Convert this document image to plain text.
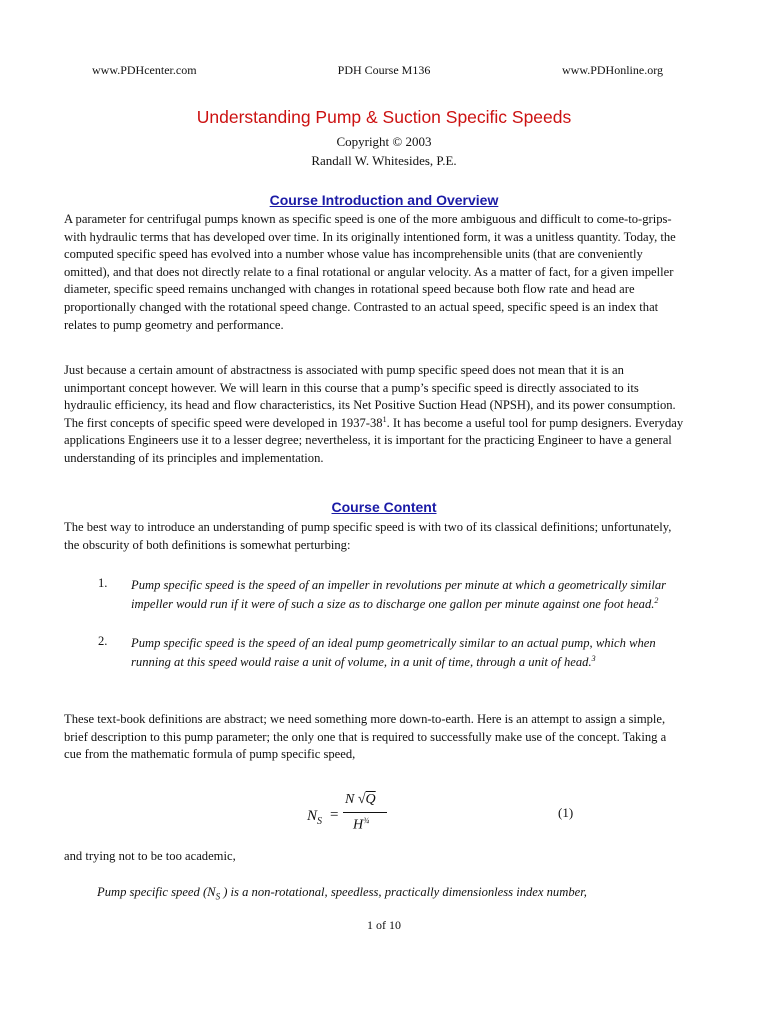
www.PDHcenter.com	PDH Course M136	www.PDHonline.org
Understanding Pump & Suction Specific Speeds
Copyright © 2003
Randall W. Whitesides, P.E.
Course Introduction and Overview

A parameter for centrifugal pumps known as specific speed is one of the more ambiguous and difficult to come-to-grips-with hydraulic terms that has developed over time. In its originally intentioned form, it was a unitless quantity. Today, the computed specific speed has evolved into a number whose value has incomprehensible units (that are conveniently omitted), and that does not directly relate to a final rotational or angular velocity. As a matter of fact, for a given impeller diameter, specific speed remains unchanged with changes in rotational speed because both flow rate and head are proportionally changed with the rotational speed change. Contrasted to an actual speed, specific speed is an index that relates to pump geometry and performance.

Just because a certain amount of abstractness is associated with pump specific speed does not mean that it is an unimportant concept however. We will learn in this course that a pump’s specific speed is directly associated to its hydraulic efficiency, its head and flow characteristics, its Net Positive Suction Head (NPSH), and its power consumption. The first concepts of specific speed were developed in $1937-38^1$. It has become a useful tool for pump designers. Everyday applications Engineers use it to a lesser degree; nevertheless, it is important for the practicing Engineer to have a general understanding of its principles and implementation.

Course Content

The best way to introduce an understanding of pump specific speed is with two of its classical definitions; unfortunately, the obscurity of both definitions is somewhat perturbing:

1. Pump specific speed is the speed of an impeller in revolutions per minute at which a geometrically similar impeller would run if it were of such a size as to discharge one gallon per minute against one foot head.$^2$

2. Pump specific speed is the speed of an ideal pump geometrically similar to an actual pump, which when running at this speed would raise a unit of volume, in a unit of time, through a unit of head.$^3$

These text-book definitions are abstract; we need something more down-to-earth. Here is an attempt to assign a simple, brief description to this pump parameter; the only one that is required to successfully make use of the concept. Taking a cue from the mathematic formula of pump specific speed,

$N_S$ =
N √Q
$H^{\frac{3}{4}}$
(1)

and trying not to be too academic,

Pump specific speed ($N_S$ ) is a non-rotational, speedless, practically dimensionless index number,
1 of 10
